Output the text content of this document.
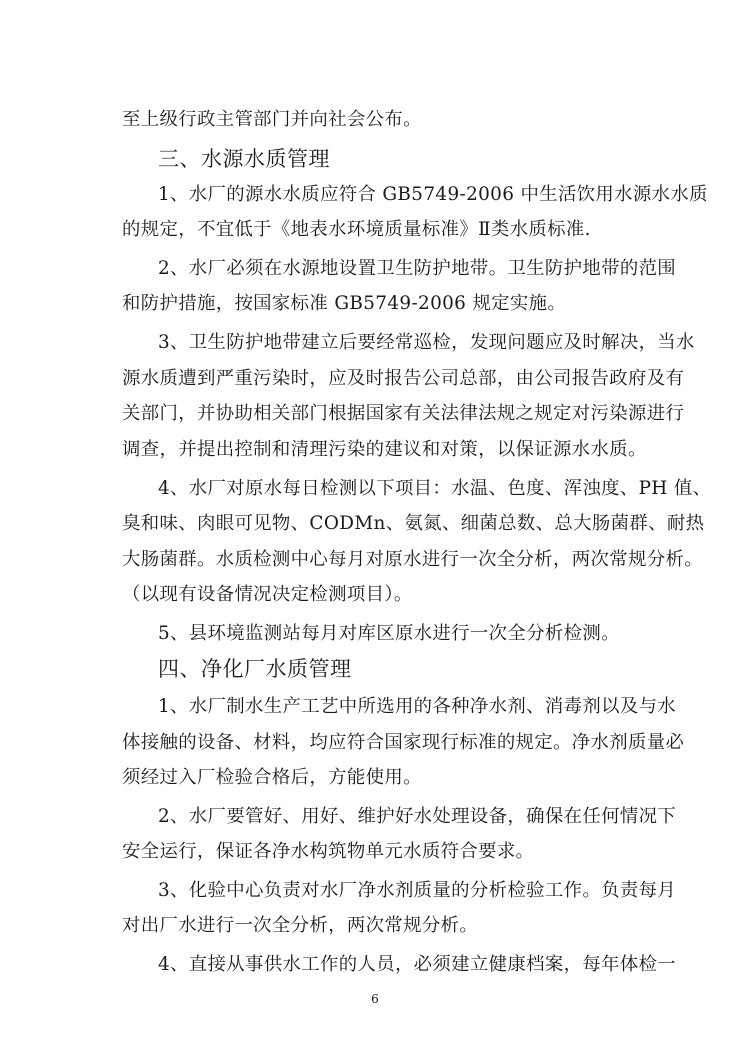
至上级行政主管部门并向社会公布。
三、水源水质管理
1、水厂的源水水质应符合 GB5749-2006 中生活饮用水源水水质
的规定，不宜低于《地表水环境质量标准》Ⅱ类水质标准.
2、水厂必须在水源地设置卫生防护地带。卫生防护地带的范围
和防护措施，按国家标准 GB5749-2006 规定实施。
3、卫生防护地带建立后要经常巡检，发现问题应及时解决，当水
源水质遭到严重污染时，应及时报告公司总部，由公司报告政府及有
关部门，并协助相关部门根据国家有关法律法规之规定对污染源进行
调查，并提出控制和清理污染的建议和对策，以保证源水水质。
4、水厂对原水每日检测以下项目：水温、色度、浑浊度、PH 值、
臭和味、肉眼可见物、CODMn、氨氮、细菌总数、总大肠菌群、耐热
大肠菌群。水质检测中心每月对原水进行一次全分析，两次常规分析。
（以现有设备情况决定检测项目）。
5、县环境监测站每月对库区原水进行一次全分析检测。
四、净化厂水质管理
1、水厂制水生产工艺中所选用的各种净水剂、消毒剂以及与水
体接触的设备、材料，均应符合国家现行标准的规定。净水剂质量必
须经过入厂检验合格后，方能使用。
2、水厂要管好、用好、维护好水处理设备，确保在任何情况下
安全运行，保证各净水构筑物单元水质符合要求。
3、化验中心负责对水厂净水剂质量的分析检验工作。负责每月
对出厂水进行一次全分析，两次常规分析。
4、直接从事供水工作的人员，必须建立健康档案，每年体检一
6
